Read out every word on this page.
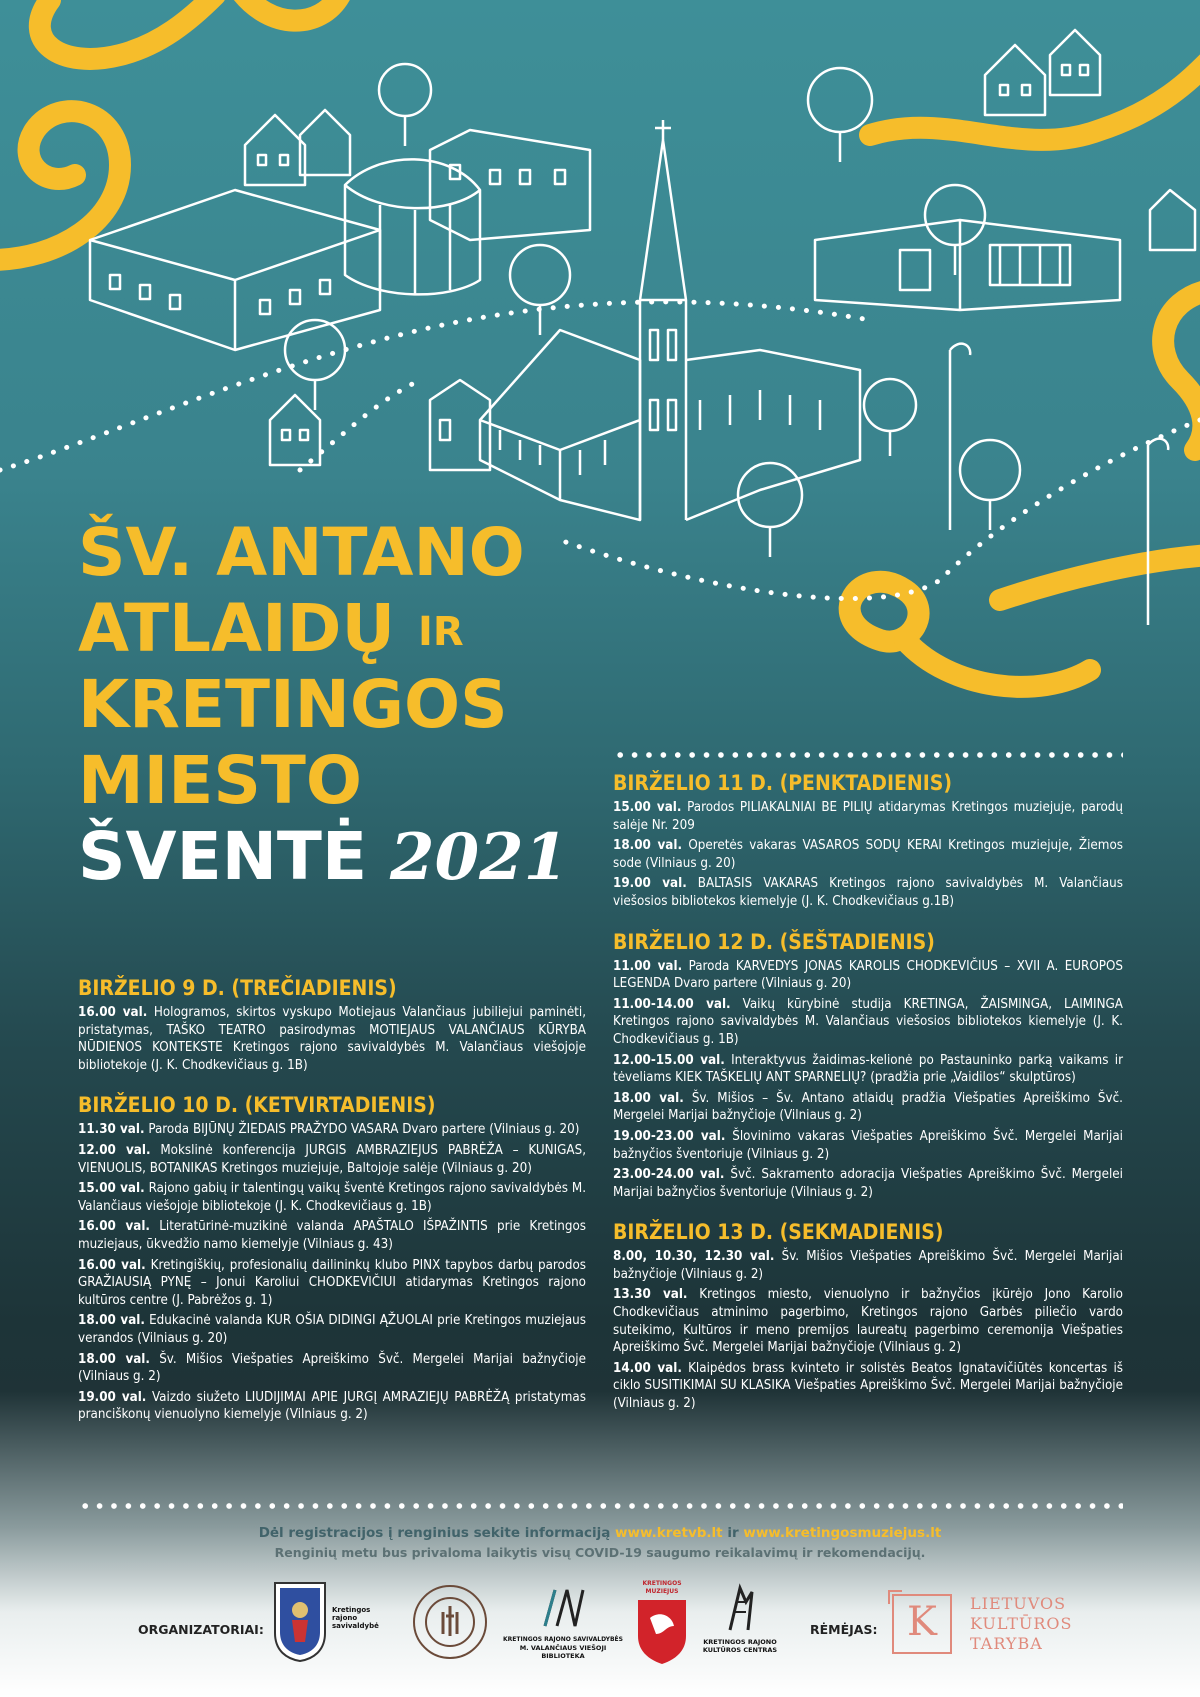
ŠV. ANTANO
ATLAIDŲ IR
KRETINGOS
MIESTO
ŠVENTĖ 2021
BIRŽELIO 9 D. (TREČIADIENIS)
16.00 val. Hologramos, skirtos vyskupo Motiejaus Valančiaus jubiliejui paminėti, pristatymas, TAŠKO TEATRO pasirodymas MOTIEJAUS VALANČIAUS KŪRYBA NŪDIENOS KONTEKSTE Kretingos rajono savivaldybės M. Valančiaus viešojoje bibliotekoje (J. K. Chodkevičiaus g. 1B)
BIRŽELIO 10 D. (KETVIRTADIENIS)
11.30 val. Paroda BIJŪNŲ ŽIEDAIS PRAŽYDO VASARA Dvaro partere (Vilniaus g. 20)
12.00 val. Mokslinė konferencija JURGIS AMBRAZIEJUS PABRĖŽA – KUNIGAS, VIENUOLIS, BOTANIKAS Kretingos muziejuje, Baltojoje salėje (Vilniaus g. 20)
15.00 val. Rajono gabių ir talentingų vaikų šventė Kretingos rajono savivaldybės M. Valančiaus viešojoje bibliotekoje (J. K. Chodkevičiaus g. 1B)
16.00 val. Literatūrinė-muzikinė valanda APAŠTALO IŠPAŽINTIS prie Kretingos muziejaus, ūkvedžio namo kiemelyje (Vilniaus g. 43)
16.00 val. Kretingiškių, profesionalių dailininkų klubo PINX tapybos darbų parodos GRAŽIAUSIĄ PYNĘ – Jonui Karoliui CHODKEVIČIUI atidarymas Kretingos rajono kultūros centre (J. Pabrėžos g. 1)
18.00 val. Edukacinė valanda KUR OŠIA DIDINGI ĄŽUOLAI prie Kretingos muziejaus verandos (Vilniaus g. 20)
18.00 val. Šv. Mišios Viešpaties Apreiškimo Švč. Mergelei Marijai bažnyčioje (Vilniaus g. 2)
19.00 val. Vaizdo siužeto LIUDIJIMAI APIE JURGĮ AMRAZIEJŲ PABRĖŽĄ pristatymas pranciškonų vienuolyno kiemelyje (Vilniaus g. 2)
BIRŽELIO 11 D. (PENKTADIENIS)
15.00 val. Parodos PILIAKALNIAI BE PILIŲ atidarymas Kretingos muziejuje, parodų salėje Nr. 209
18.00 val. Operetės vakaras VASAROS SODŲ KERAI Kretingos muziejuje, Žiemos sode (Vilniaus g. 20)
19.00 val. BALTASIS VAKARAS Kretingos rajono savivaldybės M. Valančiaus viešosios bibliotekos kiemelyje (J. K. Chodkevičiaus g.1B)
BIRŽELIO 12 D. (ŠEŠTADIENIS)
11.00 val. Paroda KARVEDYS JONAS KAROLIS CHODKEVIČIUS – XVII A. EUROPOS LEGENDA Dvaro partere (Vilniaus g. 20)
11.00-14.00 val. Vaikų kūrybinė studija KRETINGA, ŽAISMINGA, LAIMINGA Kretingos rajono savivaldybės M. Valančiaus viešosios bibliotekos kiemelyje (J. K. Chodkevičiaus g. 1B)
12.00-15.00 val. Interaktyvus žaidimas-kelionė po Pastauninko parką vaikams ir tėveliams KIEK TAŠKELIŲ ANT SPARNELIŲ? (pradžia prie „Vaidilos“ skulptūros)
18.00 val. Šv. Mišios – Šv. Antano atlaidų pradžia Viešpaties Apreiškimo Švč. Mergelei Marijai bažnyčioje (Vilniaus g. 2)
19.00-23.00 val. Šlovinimo vakaras Viešpaties Apreiškimo Švč. Mergelei Marijai bažnyčios šventoriuje (Vilniaus g. 2)
23.00-24.00 val. Švč. Sakramento adoracija Viešpaties Apreiškimo Švč. Mergelei Marijai bažnyčios šventoriuje (Vilniaus g. 2)
BIRŽELIO 13 D. (SEKMADIENIS)
8.00, 10.30, 12.30 val. Šv. Mišios Viešpaties Apreiškimo Švč. Mergelei Marijai bažnyčioje (Vilniaus g. 2)
13.30 val. Kretingos miesto, vienuolyno ir bažnyčios įkūrėjo Jono Karolio Chodkevičiaus atminimo pagerbimo, Kretingos rajono Garbės piliečio vardo suteikimo, Kultūros ir meno premijos laureatų pagerbimo ceremonija Viešpaties Apreiškimo Švč. Mergelei Marijai bažnyčioje (Vilniaus g. 2)
14.00 val. Klaipėdos brass kvinteto ir solistės Beatos Ignatavičiūtės koncertas iš ciklo SUSITIKIMAI SU KLASIKA Viešpaties Apreiškimo Švč. Mergelei Marijai bažnyčioje (Vilniaus g. 2)
Dėl registracijos į renginius sekite informaciją www.kretvb.lt ir www.kretingosmuziejus.lt
Renginių metu bus privaloma laikytis visų COVID-19 saugumo reikalavimų ir rekomendacijų.
ORGANIZATORIAI:
Kretingos rajono savivaldybė
KRETINGOS RAJONO SAVIVALDYBĖS
M. VALANČIAUS VIEŠOJI BIBLIOTEKA
KRETINGOS MUZIEJUS
KRETINGOS RAJONO KULTŪROS CENTRAS
RĖMĖJAS: K	LIETUVOS
KULTŪROS
TARYBA
